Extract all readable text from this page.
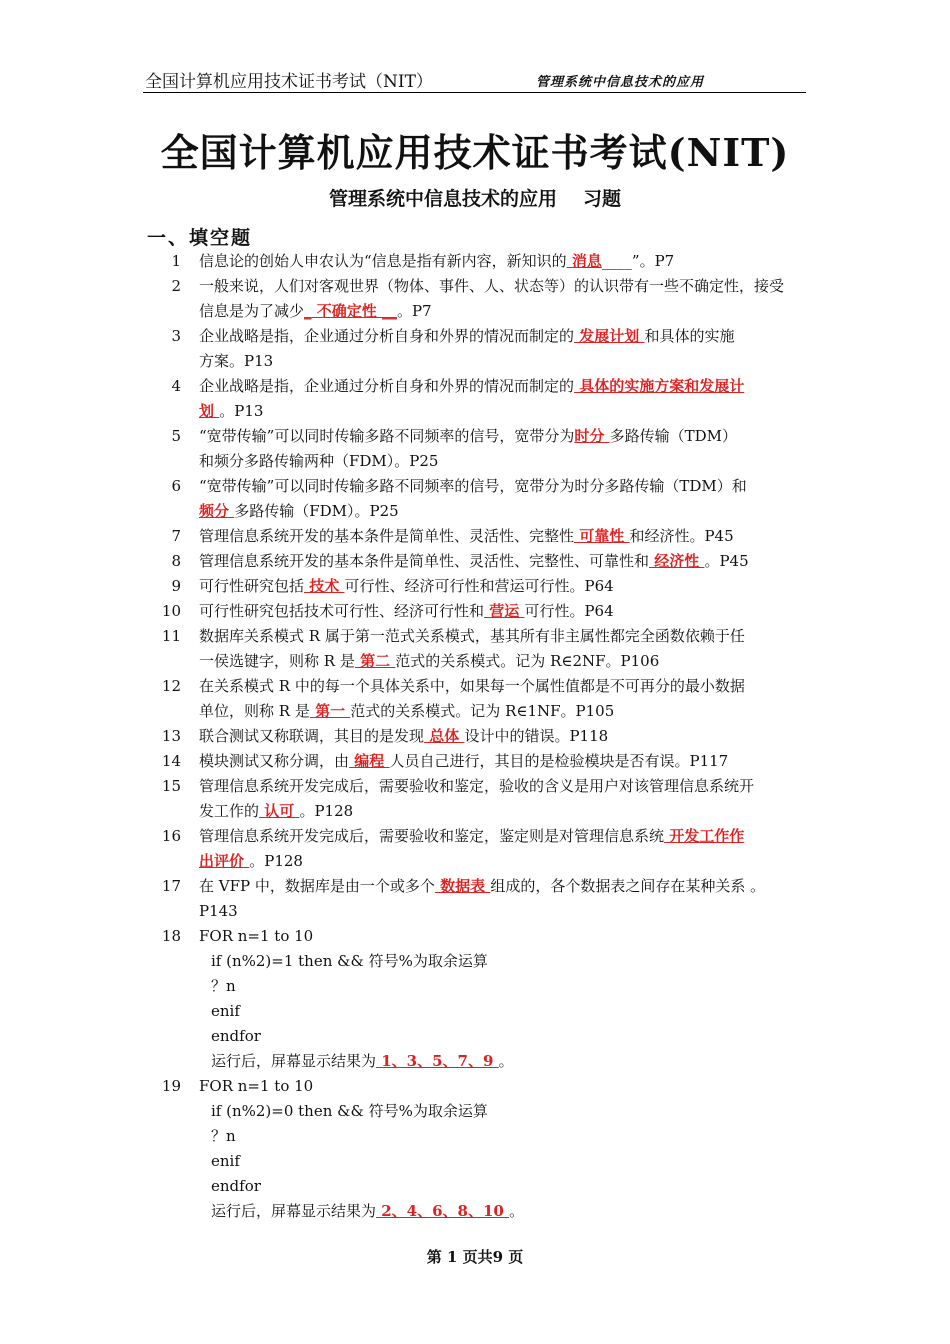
全国计算机应用技术证书考试（NIT）	管理系统中信息技术的应用
全国计算机应用技术证书考试(NIT)
管理系统中信息技术的应用 习题
一、填空题
1 信息论的创始人申农认为“信息是指有新内容，新知识的 消息____”。P7
2 一般来说，人们对客观世界（物体、事件、人、状态等）的认识带有一些不确定性，接受
信息是为了减少_ 不确定性 __。P7
3 企业战略是指，企业通过分析自身和外界的情况而制定的 发展计划 和具体的实施
方案。P13
4 企业战略是指，企业通过分析自身和外界的情况而制定的 具体的实施方案和发展计
划 。P13
5 “宽带传输”可以同时传输多路不同频率的信号，宽带分为时分 多路传输（TDM）
和频分多路传输两种（FDM）。P25
6 “宽带传输”可以同时传输多路不同频率的信号，宽带分为时分多路传输（TDM）和
频分 多路传输（FDM）。P25
7 管理信息系统开发的基本条件是简单性、灵活性、完整性 可靠性 和经济性。P45
8 管理信息系统开发的基本条件是简单性、灵活性、完整性、可靠性和 经济性 。P45
9 可行性研究包括 技术 可行性、经济可行性和营运可行性。P64
10 可行性研究包括技术可行性、经济可行性和 营运 可行性。P64
11 数据库关系模式 R 属于第一范式关系模式，基其所有非主属性都完全函数依赖于任
一侯选键字，则称 R 是 第二 范式的关系模式。记为 R∈2NF。P106
12 在关系模式 R 中的每一个具体关系中，如果每一个属性值都是不可再分的最小数据
单位，则称 R 是 第一 范式的关系模式。记为 R∈1NF。P105
13 联合测试又称联调，其目的是发现 总体 设计中的错误。P118
14 模块测试又称分调，由 编程 人员自己进行，其目的是检验模块是否有误。P117
15 管理信息系统开发完成后，需要验收和鉴定，验收的含义是用户对该管理信息系统开
发工作的 认可 。P128
16 管理信息系统开发完成后，需要验收和鉴定，鉴定则是对管理信息系统 开发工作作
出评价 。P128
17 在 VFP 中，数据库是由一个或多个 数据表 组成的，各个数据表之间存在某种关系 。
P143
18 FOR n=1 to 10
if (n%2)=1 then && 符号%为取余运算
？n
enif
endfor
运行后，屏幕显示结果为 1、3、5、7、9 。
19 FOR n=1 to 10
if (n%2)=0 then && 符号%为取余运算
？n
enif
endfor
运行后，屏幕显示结果为 2、4、6、8、10 。
第 1 页共9 页
